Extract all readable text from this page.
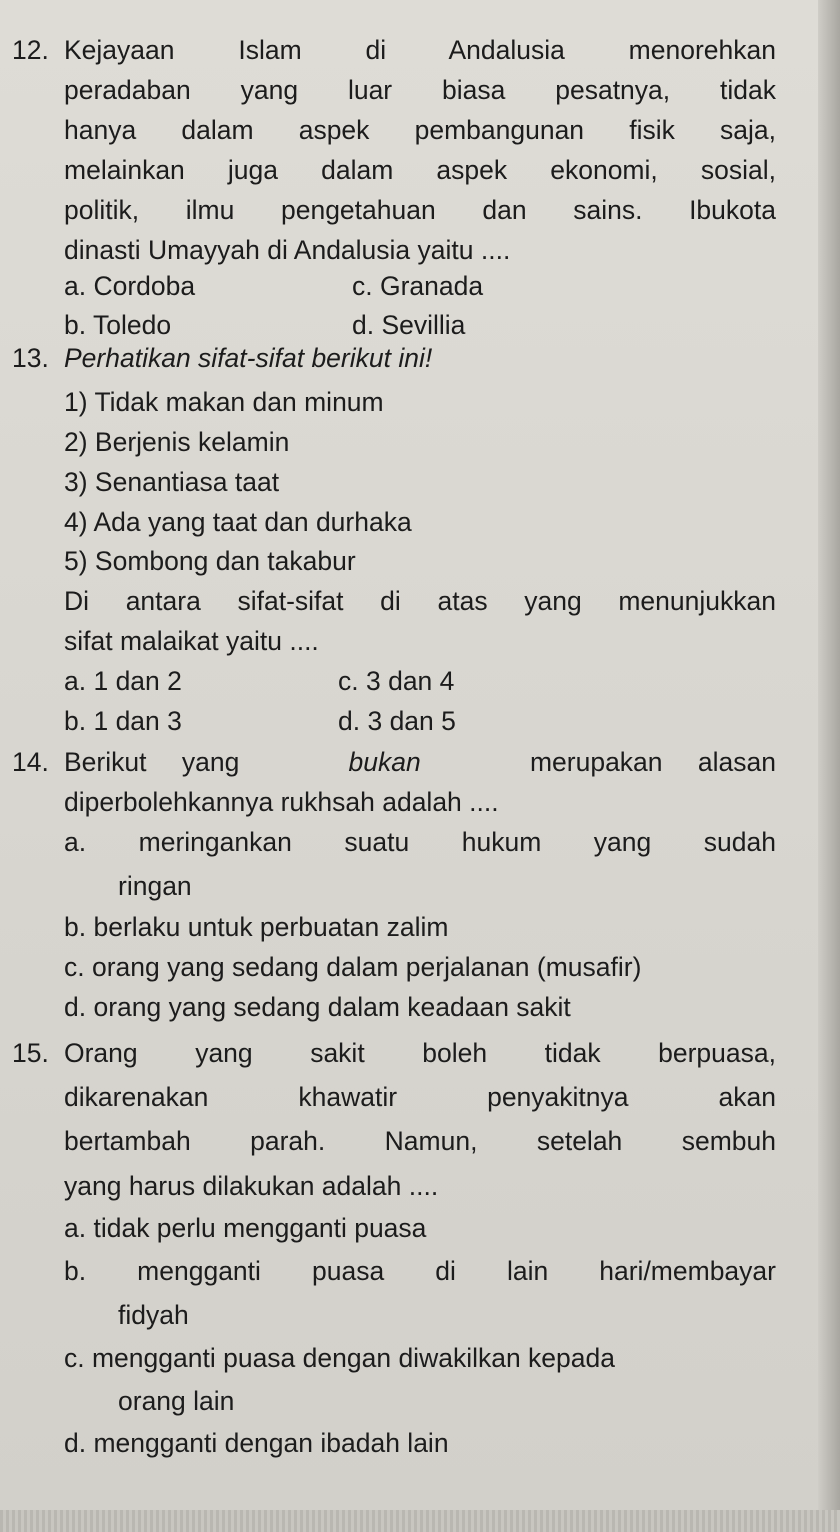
12. Kejayaan Islam di Andalusia menorehkan
peradaban yang luar biasa pesatnya, tidak
hanya dalam aspek pembangunan fisik saja,
melainkan juga dalam aspek ekonomi, sosial,
politik, ilmu pengetahuan dan sains. Ibukota
dinasti Umayyah di Andalusia yaitu ....
a. Cordoba	c. Granada
b. Toledo	d. Sevillia
13. Perhatikan sifat-sifat berikut ini!
1) Tidak makan dan minum
2) Berjenis kelamin
3) Senantiasa taat
4) Ada yang taat dan durhaka
5) Sombong dan takabur
Di antara sifat-sifat di atas yang menunjukkan
sifat malaikat yaitu ....
a. 1 dan 2	c. 3 dan 4
b. 1 dan 3	d. 3 dan 5
14. Berikut yang	bukan	merupakan alasan
diperbolehkannya rukhsah adalah ....
a. meringankan suatu hukum yang sudah
ringan
b. berlaku untuk perbuatan zalim
c. orang yang sedang dalam perjalanan (musafir)
d. orang yang sedang dalam keadaan sakit
15. Orang yang sakit boleh tidak berpuasa,
dikarenakan khawatir penyakitnya akan
bertambah parah. Namun, setelah sembuh
yang harus dilakukan adalah ....
a. tidak perlu mengganti puasa
b. mengganti puasa di lain hari/membayar
fidyah
c. mengganti puasa dengan diwakilkan kepada
orang lain
d. mengganti dengan ibadah lain
